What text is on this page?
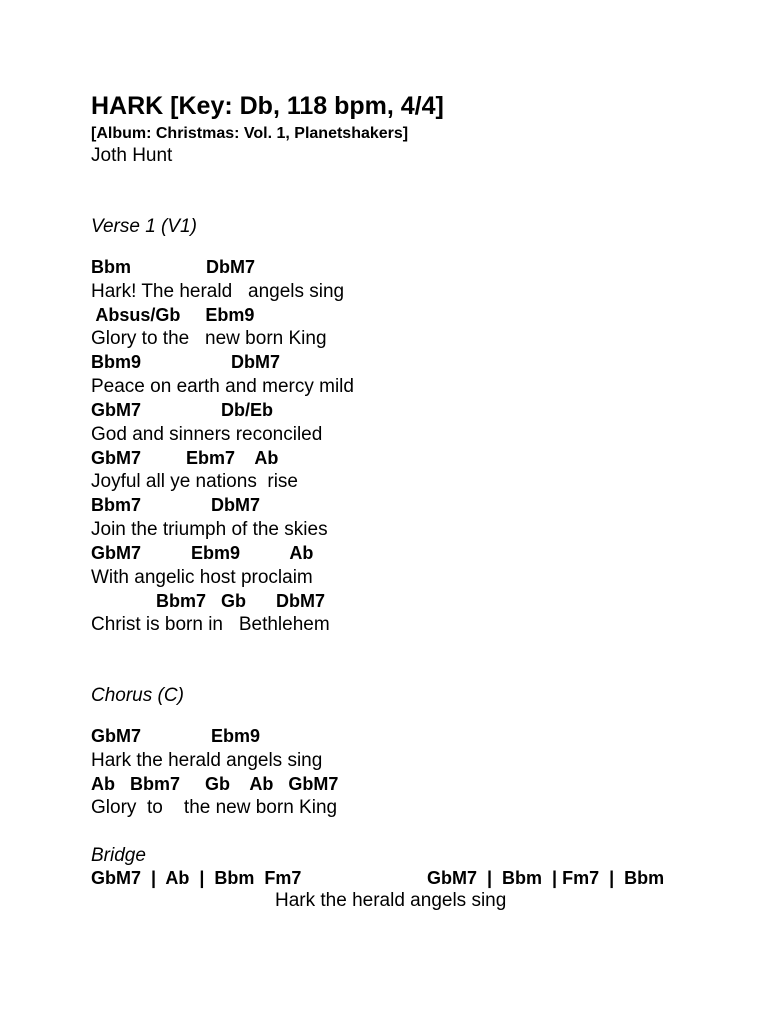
HARK [Key: Db, 118 bpm, 4/4]
[Album: Christmas: Vol. 1, Planetshakers]
Joth Hunt
Verse 1 (V1)
Bbm               DbM7
Hark! The herald   angels sing
Absus/Gb     Ebm9
Glory to the   new born King
Bbm9                  DbM7
Peace on earth and mercy mild
GbM7                Db/Eb
God and sinners reconciled
GbM7         Ebm7    Ab
Joyful all ye nations  rise
Bbm7              DbM7
Join the triumph of the skies
GbM7          Ebm9          Ab
With angelic host proclaim
Bbm7   Gb      DbM7
Christ is born in   Bethlehem
Chorus (C)
GbM7              Ebm9
Hark the herald angels sing
Ab   Bbm7     Gb    Ab   GbM7
Glory  to    the new born King
Bridge
GbM7  |  Ab  |  Bbm  Fm7	GbM7  |  Bbm  | Fm7  |  Bbm
Hark the herald angels sing
